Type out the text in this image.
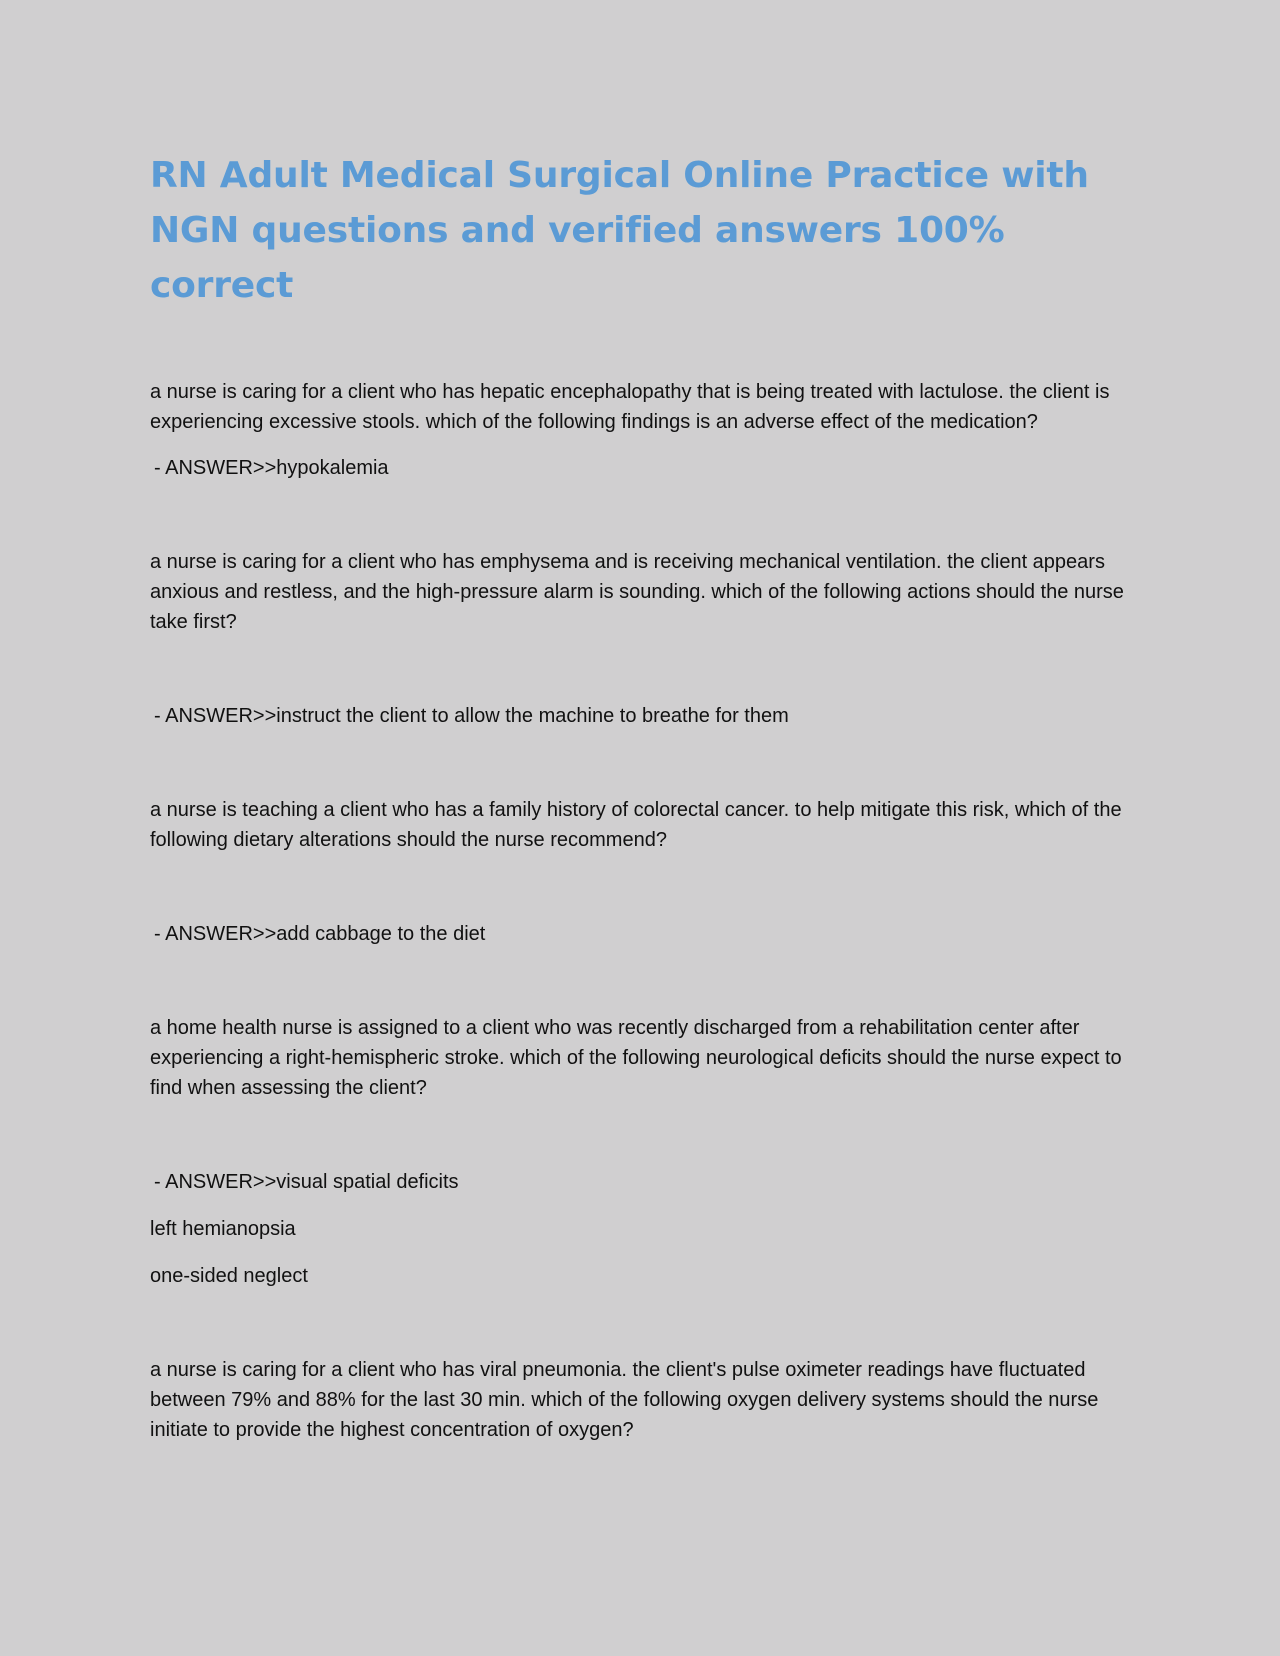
RN Adult Medical Surgical Online Practice with NGN questions and verified answers 100% correct

a nurse is caring for a client who has hepatic encephalopathy that is being treated with lactulose. the client is experiencing excessive stools. which of the following findings is an adverse effect of the medication?

- ANSWER>>hypokalemia

a nurse is caring for a client who has emphysema and is receiving mechanical ventilation. the client appears anxious and restless, and the high-pressure alarm is sounding. which of the following actions should the nurse take first?

- ANSWER>>instruct the client to allow the machine to breathe for them

a nurse is teaching a client who has a family history of colorectal cancer. to help mitigate this risk, which of the following dietary alterations should the nurse recommend?

- ANSWER>>add cabbage to the diet

a home health nurse is assigned to a client who was recently discharged from a rehabilitation center after experiencing a right-hemispheric stroke. which of the following neurological deficits should the nurse expect to find when assessing the client?

- ANSWER>>visual spatial deficits

left hemianopsia

one-sided neglect

a nurse is caring for a client who has viral pneumonia. the client's pulse oximeter readings have fluctuated between 79% and 88% for the last 30 min. which of the following oxygen delivery systems should the nurse initiate to provide the highest concentration of oxygen?
